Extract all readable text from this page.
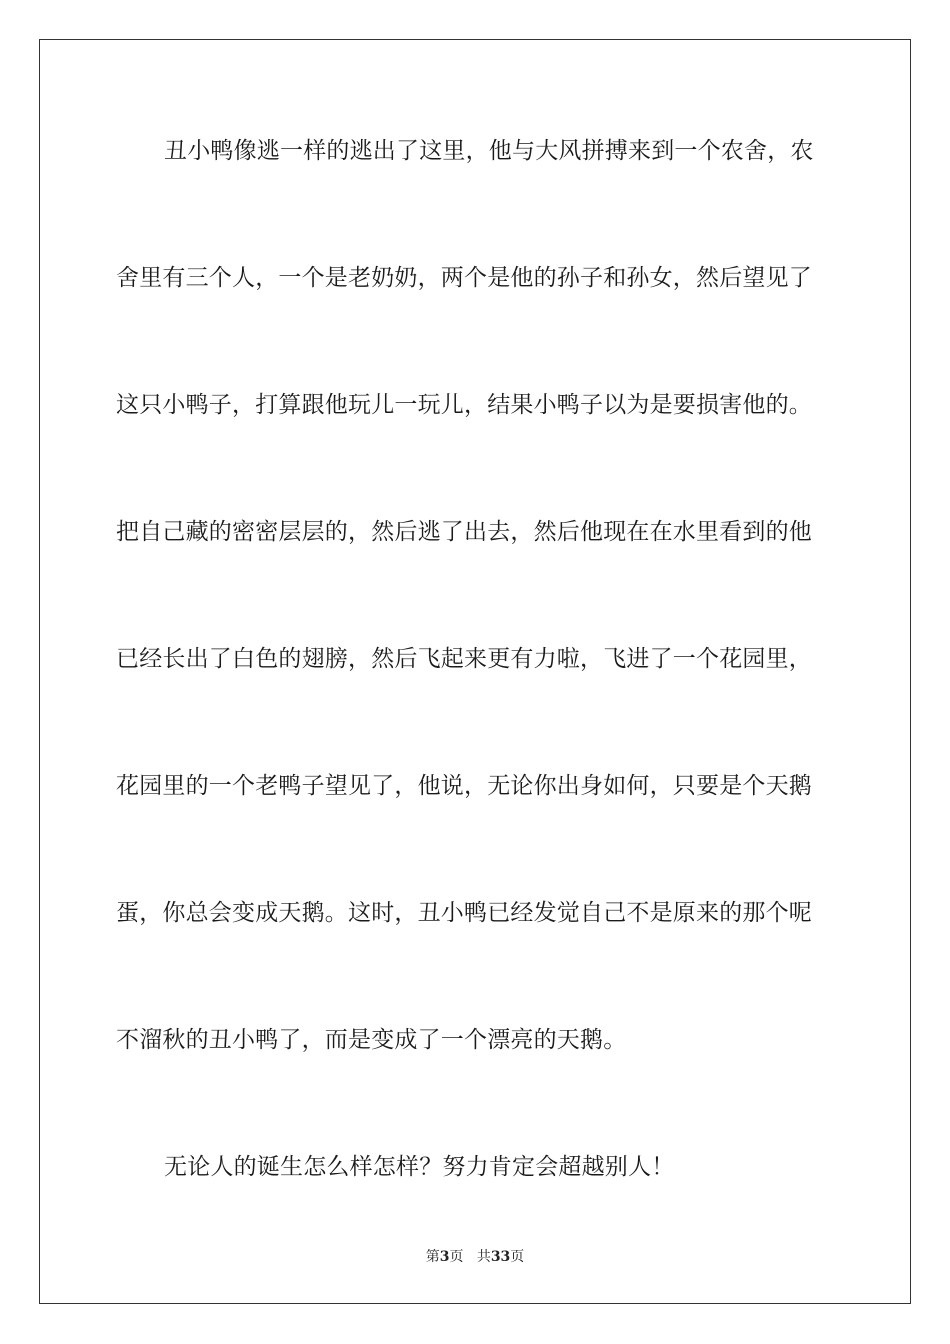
丑小鸭像逃一样的逃出了这里，他与大风拼搏来到一个农舍，农
舍里有三个人，一个是老奶奶，两个是他的孙子和孙女，然后望见了
这只小鸭子，打算跟他玩儿一玩儿，结果小鸭子以为是要损害他的。
把自己藏的密密层层的，然后逃了出去，然后他现在在水里看到的他
已经长出了白色的翅膀，然后飞起来更有力啦，飞进了一个花园里，
花园里的一个老鸭子望见了，他说，无论你出身如何，只要是个天鹅
蛋，你总会变成天鹅。这时，丑小鸭已经发觉自己不是原来的那个呢
不溜秋的丑小鸭了，而是变成了一个漂亮的天鹅。
无论人的诞生怎么样怎样？努力肯定会超越别人！
第3页 共33页
